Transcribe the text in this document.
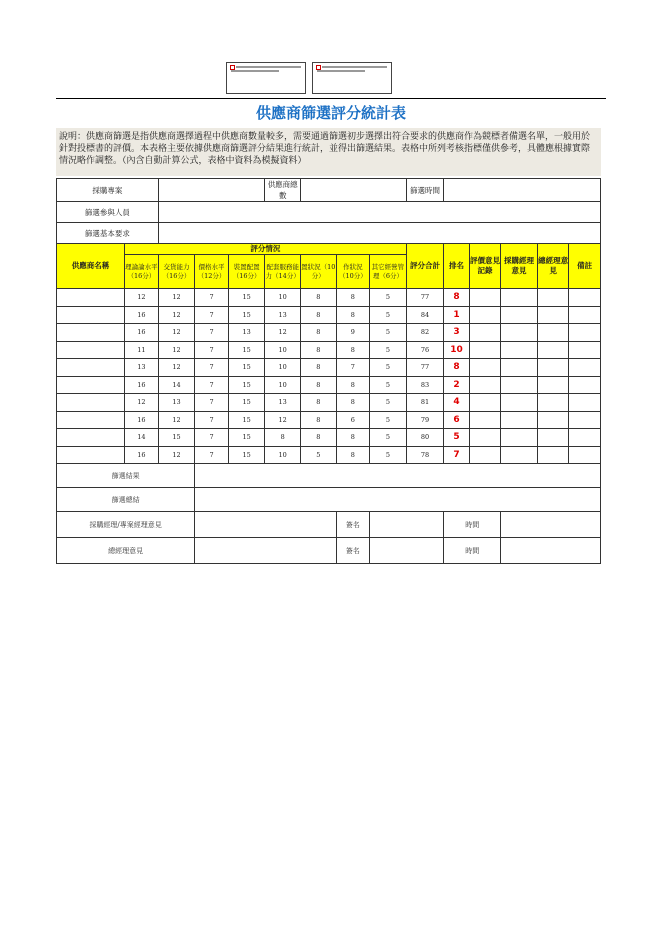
供應商篩選評分統計表
說明：供應商篩選是指供應商選擇過程中供應商數量較多，需要通過篩選初步選擇出符合要求的供應商作為競標者備選名單，一般用於針對投標書的評價。本表格主要依據供應商篩選評分結果進行統計，並得出篩選結果。表格中所列考核指標僅供參考，具體應根據實際情況略作調整。（內含自動計算公式，表格中資料為模擬資料）
採購專案					供應商總數				篩選時間					
篩選參與人員														
篩選基本要求														
供應商名稱	評分情況								評分合計	排名	評價意見記錄	採購經理意見	總經理意見	備註
	理論論水平（16分）	交貨能力（16分）	價格水平（12分）	裝置配置（16分）	配套服務能力（14分）	置狀況（10分）	作狀況（10分）	其它經營管理（6分）						
	12	12	7	15	10	8	8	5	77	8				
	16	12	7	15	13	8	8	5	84	1				
	16	12	7	13	12	8	9	5	82	3				
	11	12	7	15	10	8	8	5	76	10				
	13	12	7	15	10	8	7	5	77	8				
	16	14	7	15	10	8	8	5	83	2				
	12	13	7	15	13	8	8	5	81	4				
	16	12	7	15	12	8	6	5	79	6				
	14	15	7	15	8	8	8	5	80	5				
	16	12	7	15	10	5	8	5	78	7				
篩選結果														
篩選總結														
採購經理/專案經理意見							簽名			時間				
總經理意見							簽名			時間				
